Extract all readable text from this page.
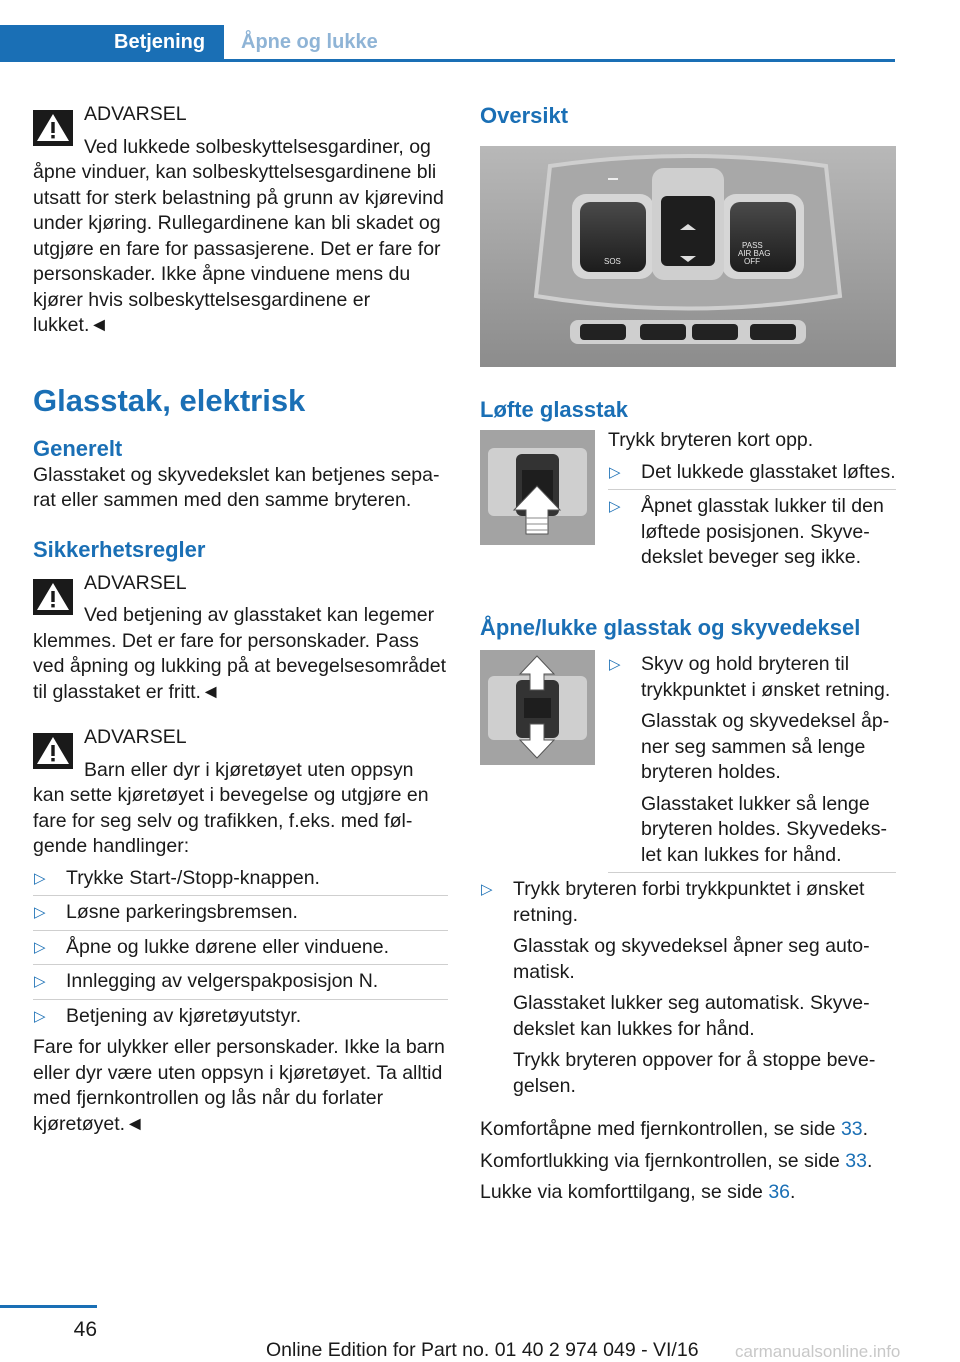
Betjening	Åpne og lukke

ADVARSEL

Ved lukkede solbeskyttelsesgardiner, og

åpne vinduer, kan solbeskyttelsesgardinene bli utsatt for sterk belastning på grunn av kjørevind under kjøring. Rullegardinene kan bli skadet og utgjøre en fare for passasjerene. Det er fare for personskader. Ikke åpne vinduene mens du kjører hvis solbeskyttelsesgardinene er lukket.◄

Glasstak, elektrisk
Generelt

Glasstaket og skyvedekslet kan betjenes separat eller sammen med den samme bryteren.

Sikkerhetsregler

ADVARSEL

Ved betjening av glasstaket kan legemer

klemmes. Det er fare for personskader. Pass ved åpning og lukking på at bevegelsesområdet til glasstaket er fritt.◄

ADVARSEL

Barn eller dyr i kjøretøyet uten oppsyn

kan sette kjøretøyet i bevegelse og utgjøre en fare for seg selv og trafikken, f.eks. med følgende handlinger:

▷ Trykke Start-/Stopp-knappen.
▷ Løsne parkeringsbremsen.
▷ Åpne og lukke dørene eller vinduene.
▷ Innlegging av velgerspakposisjon N.
▷ Betjening av kjøretøyutstyr.

Fare for ulykker eller personskader. Ikke la barn eller dyr være uten oppsyn i kjøretøyet. Ta alltid med fjernkontrollen og lås når du forlater kjøretøyet.◄

Oversikt
SOS
PASS
AIR BAG
OFF
Løfte glasstak

Trykk bryteren kort opp.

▷ Det lukkede glasstaket løftes.
▷ Åpnet glasstak lukker til den løftede posisjonen. Skyvedekslet beveger seg ikke.
Åpne/lukke glasstak og skyvedeksel
▷ Skyv og hold bryteren til trykkpunktet i ønsket retning.

Glasstak og skyvedeksel åpner seg sammen så lenge bryteren holdes.

Glasstaket lukker så lenge bryteren holdes. Skyvedekslet kan lukkes for hånd.

▷ Trykk bryteren forbi trykkpunktet i ønsket retning.

Glasstak og skyvedeksel åpner seg automatisk.

Glasstaket lukker seg automatisk. Skyvedekslet kan lukkes for hånd.

Trykk bryteren oppover for å stoppe bevegelsen.

Komfortåpne med fjernkontrollen, se side 33.

Komfortlukking via fjernkontrollen, se side 33.

Lukke via komforttilgang, se side 36.

46
Online Edition for Part no. 01 40 2 974 049 - VI/16 carmanualsonline.info
